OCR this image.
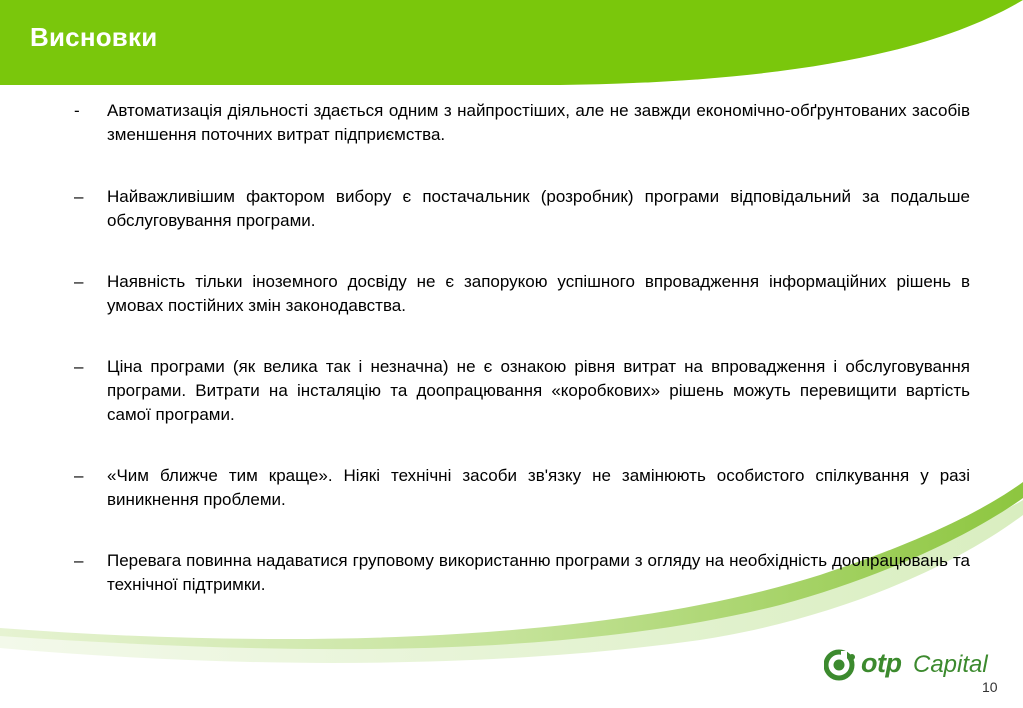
Висновки
- Автоматизація діяльності здається одним з найпростіших, але не завжди економічно-обґрунтованих засобів зменшення поточних витрат підприємства.
– Найважливішим фактором вибору є постачальник (розробник) програми відповідальний за подальше обслуговування програми.
– Наявність тільки іноземного досвіду не є запорукою успішного впровадження інформаційних рішень в умовах постійних змін законодавства.
– Ціна програми (як велика так і незначна) не є ознакою рівня витрат на впровадження і обслуговування програми. Витрати на інсталяцію та доопрацювання «коробкових» рішень можуть перевищити вартість самої програми.
– «Чим ближче тим краще». Ніякі технічні засоби зв'язку не замінюють особистого спілкування у разі виникнення проблеми.
– Перевага повинна надаватися груповому використанню програми з огляду на необхідність доопрацювань та технічної підтримки.
otp Capital
10
